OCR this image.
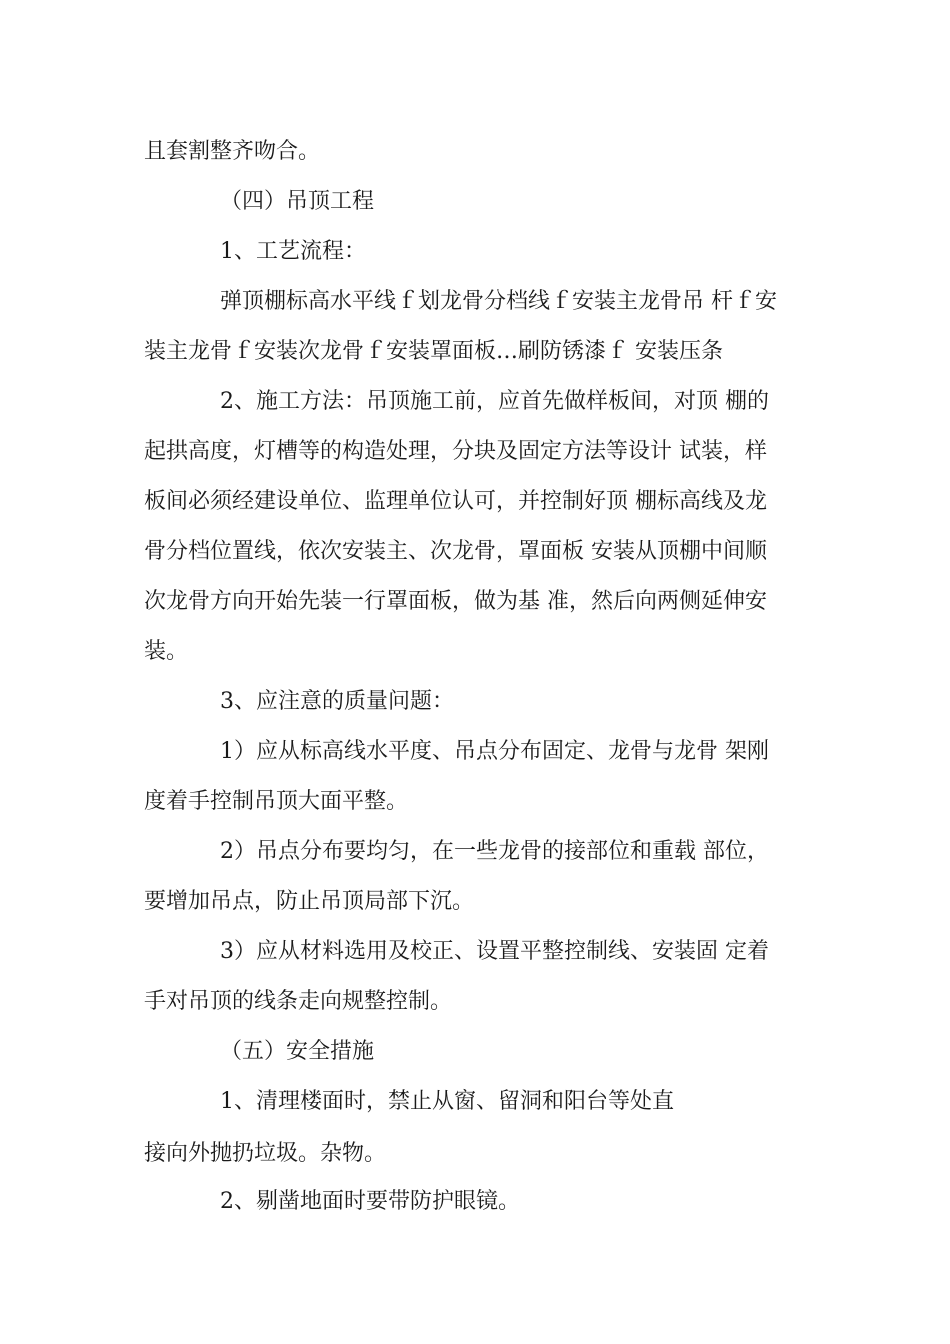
且套割整齐吻合。
（四）吊顶工程
1、工艺流程：
弹顶棚标高水平线ｆ划龙骨分档线ｆ安装主龙骨吊 杆ｆ安
装主龙骨ｆ安装次龙骨ｆ安装罩面板…刷防锈漆ｆ 安装压条
2、施工方法：吊顶施工前，应首先做样板间，对顶 棚的
起拱高度，灯槽等的构造处理，分块及固定方法等设计 试装，样
板间必须经建设单位、监理单位认可，并控制好顶 棚标高线及龙
骨分档位置线，依次安装主、次龙骨，罩面板 安装从顶棚中间顺
次龙骨方向开始先装一行罩面板，做为基 准，然后向两侧延伸安
装。
3、应注意的质量问题：
1）应从标高线水平度、吊点分布固定、龙骨与龙骨 架刚
度着手控制吊顶大面平整。
2）吊点分布要均匀，在一些龙骨的接部位和重载 部位，
要增加吊点，防止吊顶局部下沉。
3）应从材料选用及校正、设置平整控制线、安装固 定着
手对吊顶的线条走向规整控制。
（五）安全措施
1、清理楼面时，禁止从窗、留洞和阳台等处直
接向外抛扔垃圾。杂物。
2、剔凿地面时要带防护眼镜。
